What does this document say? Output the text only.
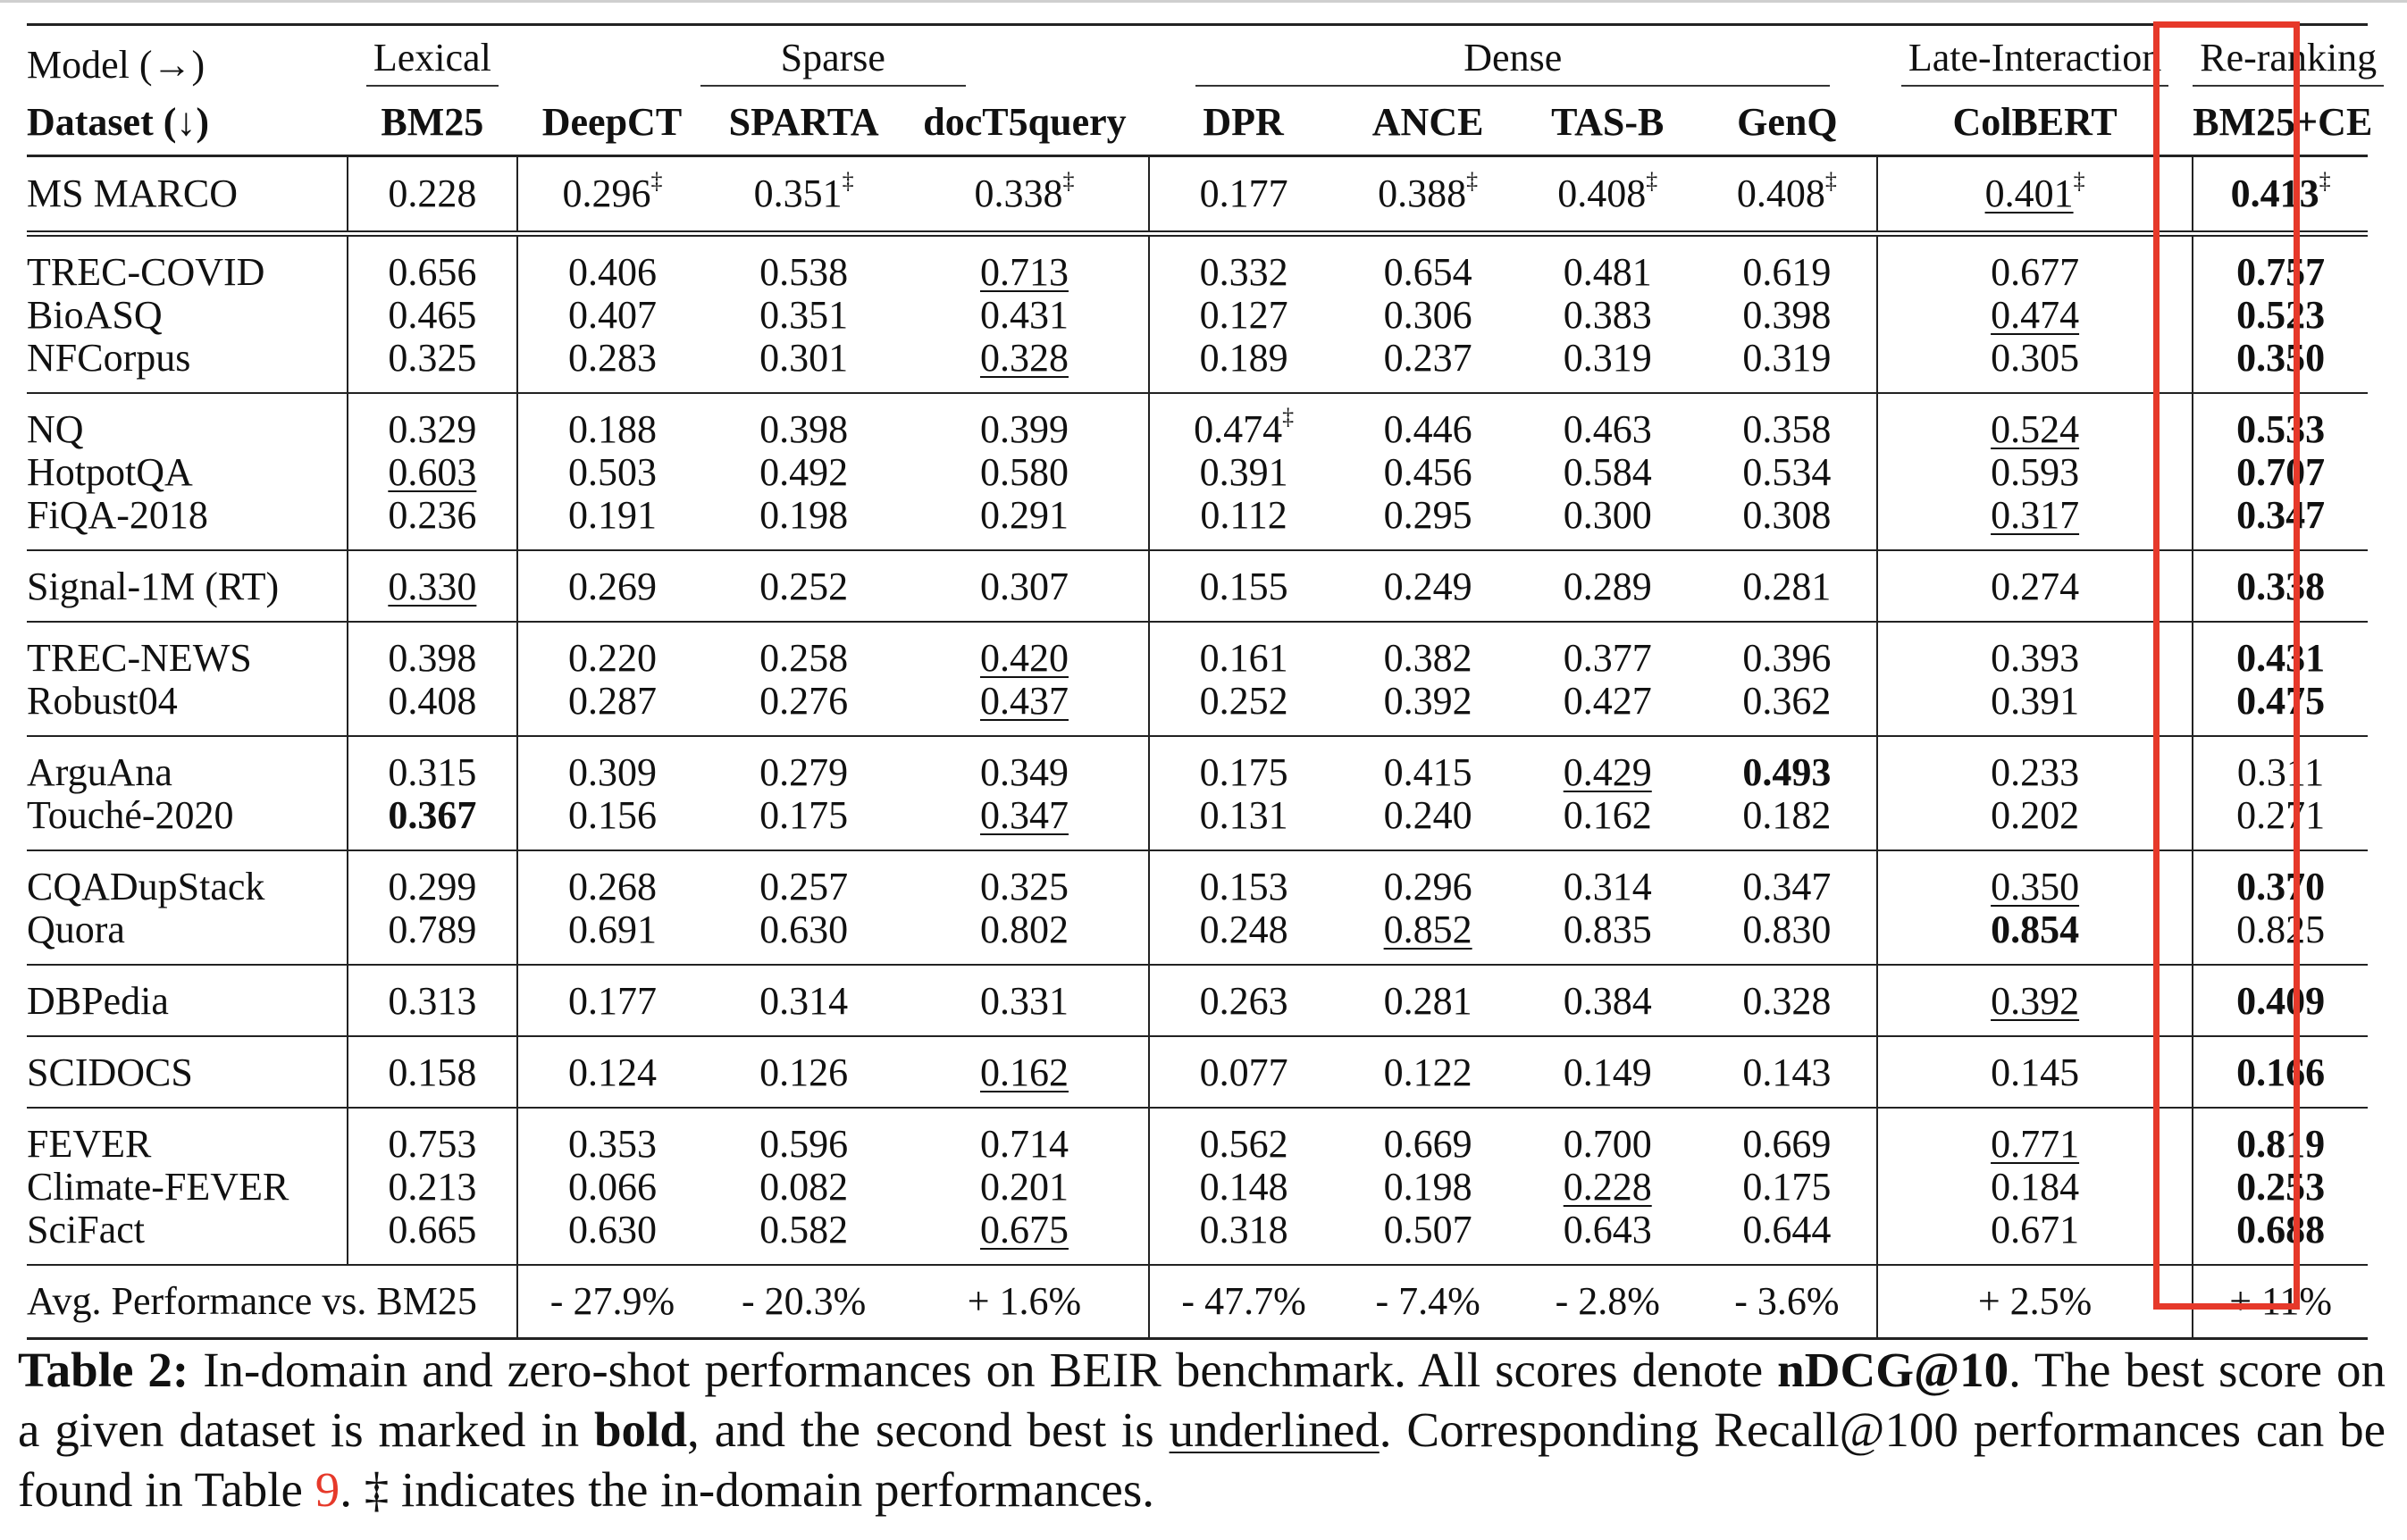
Model (→)	Lexical	Sparse			Dense				Late-Interaction	Re-ranking
Dataset (↓)	BM25	DeepCT	SPARTA	docT5query	DPR	ANCE	TAS-B	GenQ	ColBERT	BM25+CE
MS MARCO	0.228	0.296‡	0.351‡	0.338‡	0.177	0.388‡	0.408‡	0.408‡	0.401‡	0.413‡
TREC-COVID	0.656	0.406	0.538	0.713	0.332	0.654	0.481	0.619	0.677	0.757
BioASQ	0.465	0.407	0.351	0.431	0.127	0.306	0.383	0.398	0.474	0.523
NFCorpus	0.325	0.283	0.301	0.328	0.189	0.237	0.319	0.319	0.305	0.350
NQ	0.329	0.188	0.398	0.399	0.474‡	0.446	0.463	0.358	0.524	0.533
HotpotQA	0.603	0.503	0.492	0.580	0.391	0.456	0.584	0.534	0.593	0.707
FiQA-2018	0.236	0.191	0.198	0.291	0.112	0.295	0.300	0.308	0.317	0.347
Signal-1M (RT)	0.330	0.269	0.252	0.307	0.155	0.249	0.289	0.281	0.274	0.338
TREC-NEWS	0.398	0.220	0.258	0.420	0.161	0.382	0.377	0.396	0.393	0.431
Robust04	0.408	0.287	0.276	0.437	0.252	0.392	0.427	0.362	0.391	0.475
ArguAna	0.315	0.309	0.279	0.349	0.175	0.415	0.429	0.493	0.233	0.311
Touché-2020	0.367	0.156	0.175	0.347	0.131	0.240	0.162	0.182	0.202	0.271
CQADupStack	0.299	0.268	0.257	0.325	0.153	0.296	0.314	0.347	0.350	0.370
Quora	0.789	0.691	0.630	0.802	0.248	0.852	0.835	0.830	0.854	0.825
DBPedia	0.313	0.177	0.314	0.331	0.263	0.281	0.384	0.328	0.392	0.409
SCIDOCS	0.158	0.124	0.126	0.162	0.077	0.122	0.149	0.143	0.145	0.166
FEVER	0.753	0.353	0.596	0.714	0.562	0.669	0.700	0.669	0.771	0.819
Climate-FEVER	0.213	0.066	0.082	0.201	0.148	0.198	0.228	0.175	0.184	0.253
SciFact	0.665	0.630	0.582	0.675	0.318	0.507	0.643	0.644	0.671	0.688
Avg. Performance vs. BM25		- 27.9%	- 20.3%	+ 1.6%	- 47.7%	- 7.4%	- 2.8%	- 3.6%	+ 2.5%	+ 11%
Table 2: In-domain and zero-shot performances on BEIR benchmark. All scores denote nDCG@10. The best score on a given dataset is marked in bold, and the second best is underlined. Corresponding Recall@100 performances can be found in Table 9. ‡ indicates the in-domain performances.
